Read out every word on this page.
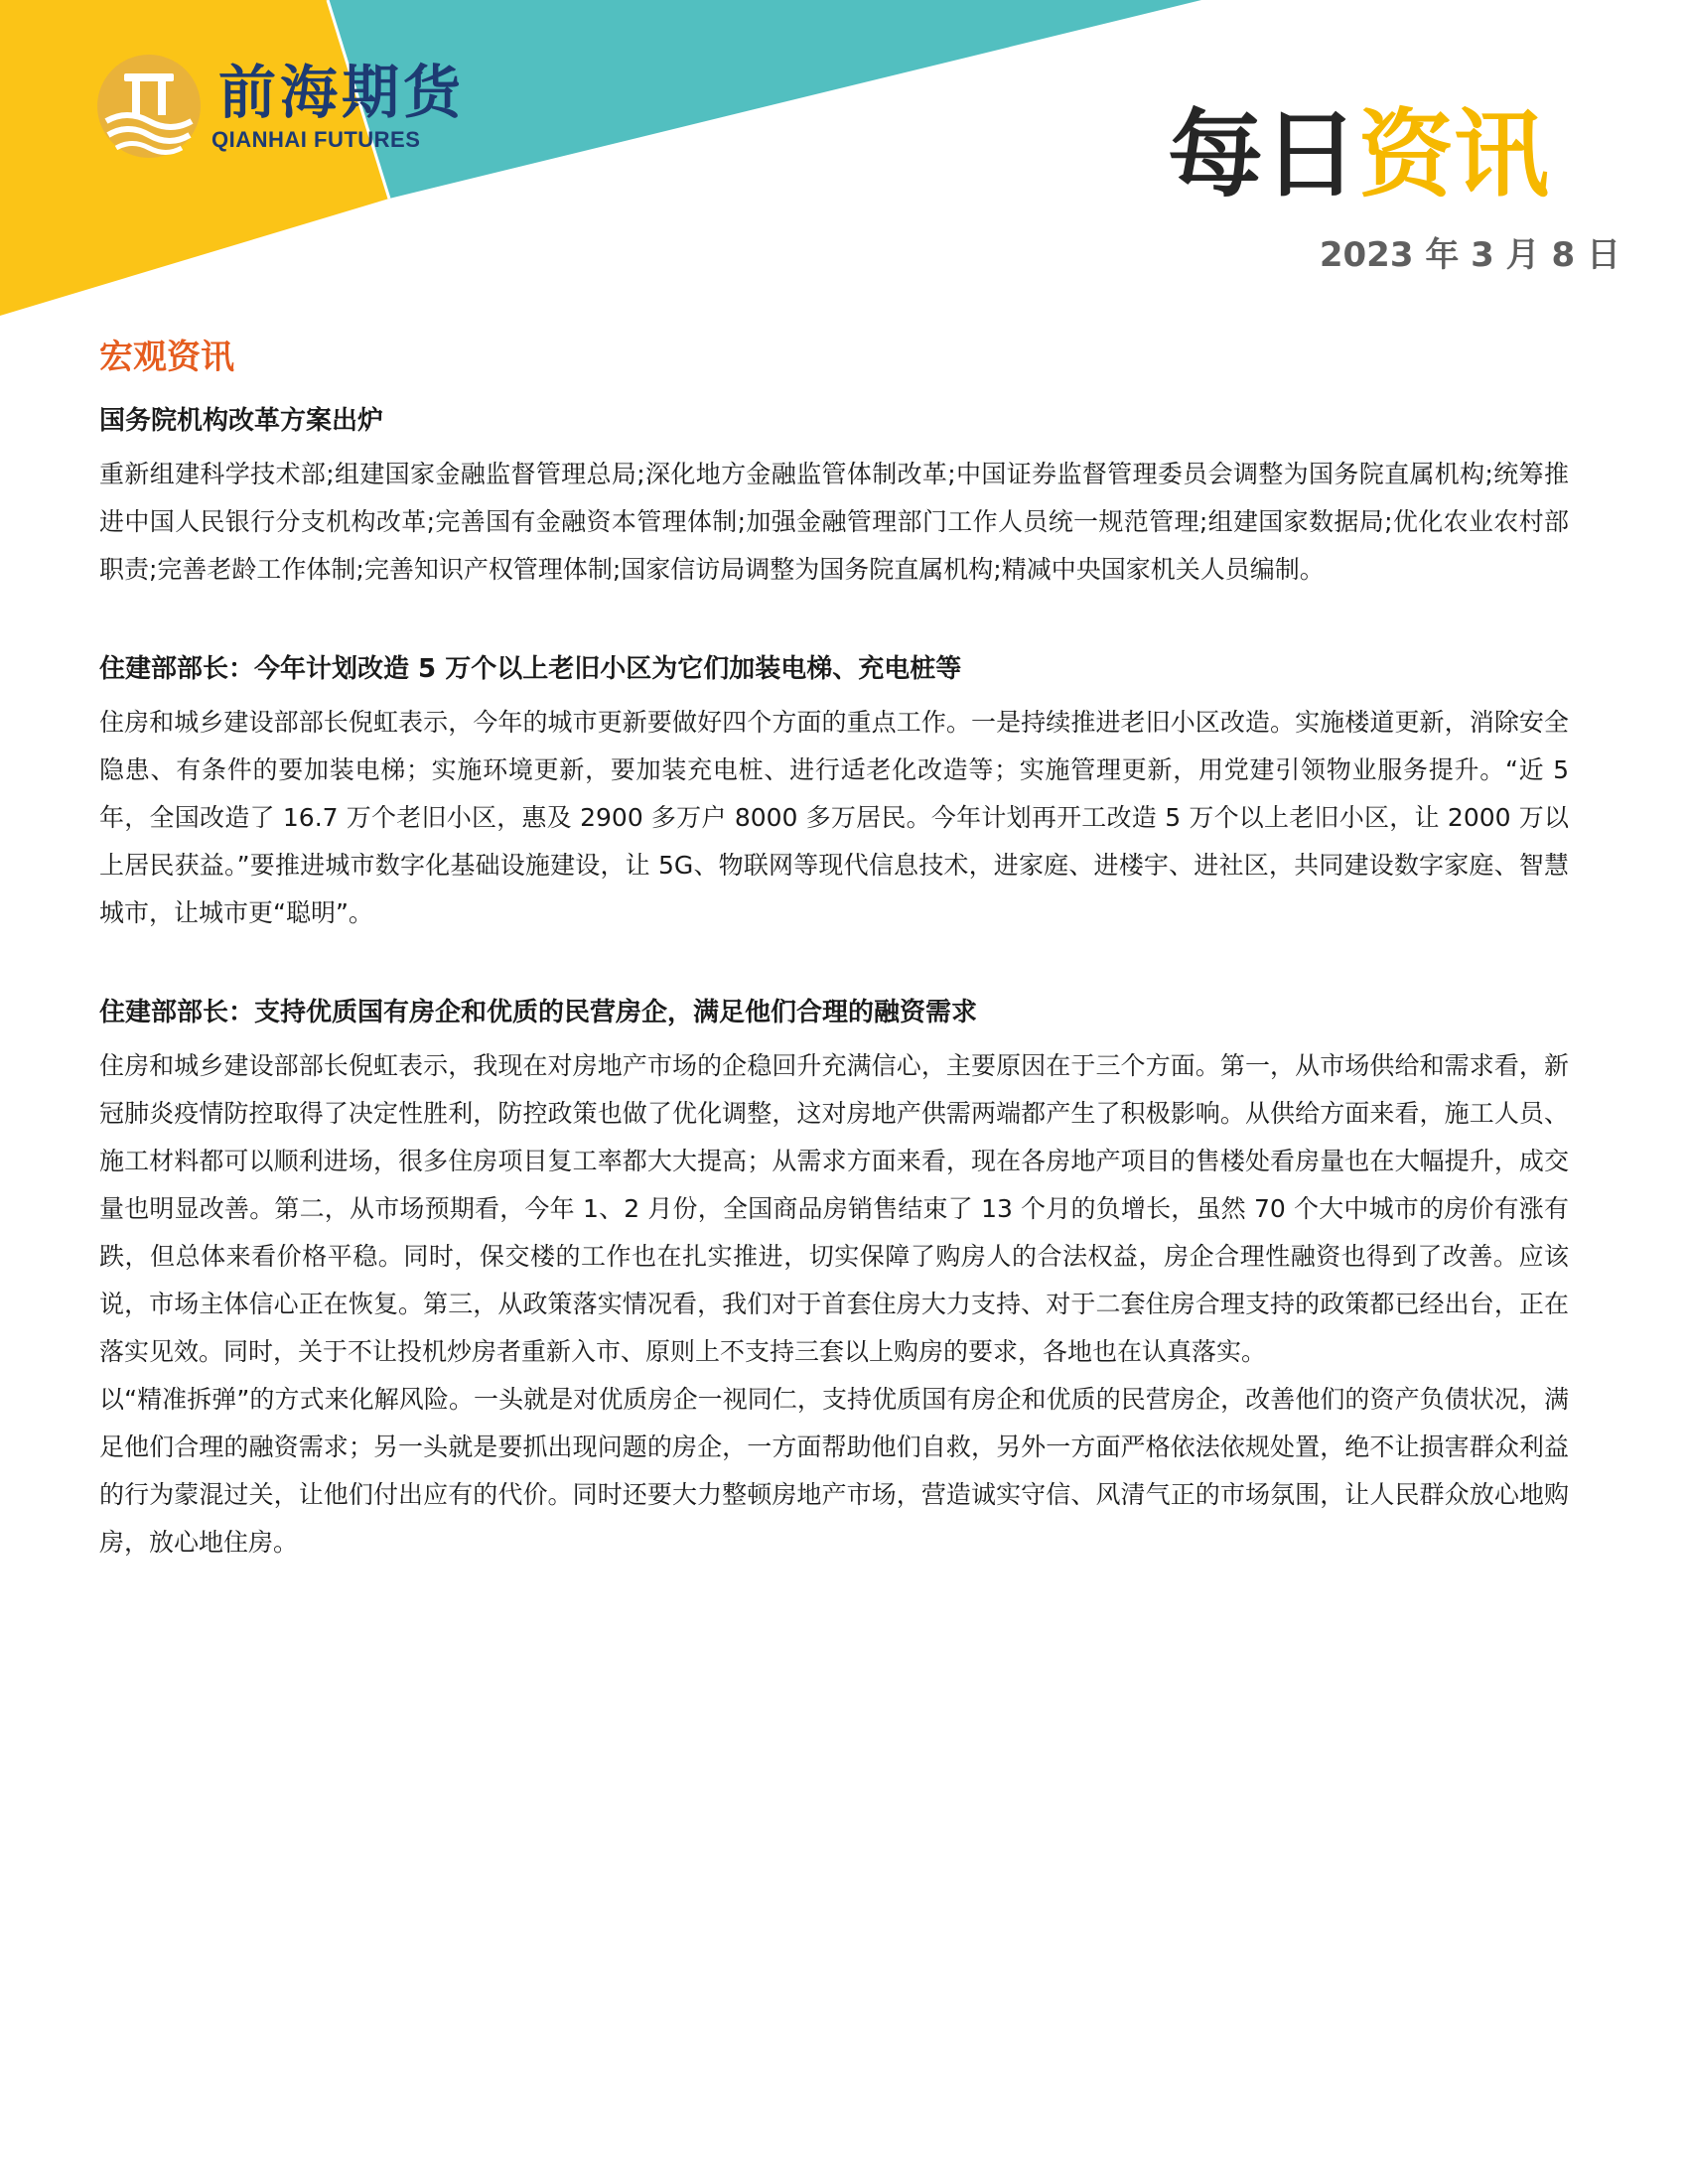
前海期货
QIANHAI FUTURES	每日资讯
2023 年 3 月 8 日
宏观资讯
国务院机构改革方案出炉

重新组建科学技术部;组建国家金融监督管理总局;深化地方金融监管体制改革;中国证券监督管理委员会调整为国务院直属机构;统筹推进中国人民银行分支机构改革;完善国有金融资本管理体制;加强金融管理部门工作人员统一规范管理;组建国家数据局;优化农业农村部职责;完善老龄工作体制;完善知识产权管理体制;国家信访局调整为国务院直属机构;精减中央国家机关人员编制。

住建部部长：今年计划改造 5 万个以上老旧小区为它们加装电梯、充电桩等

住房和城乡建设部部长倪虹表示，今年的城市更新要做好四个方面的重点工作。一是持续推进老旧小区改造。实施楼道更新，消除安全隐患、有条件的要加装电梯；实施环境更新，要加装充电桩、进行适老化改造等；实施管理更新，用党建引领物业服务提升。“近 5 年，全国改造了 16.7 万个老旧小区，惠及 2900 多万户 8000 多万居民。今年计划再开工改造 5 万个以上老旧小区，让 2000 万以上居民获益。”要推进城市数字化基础设施建设，让 5G、物联网等现代信息技术，进家庭、进楼宇、进社区，共同建设数字家庭、智慧城市，让城市更“聪明”。

住建部部长：支持优质国有房企和优质的民营房企，满足他们合理的融资需求

住房和城乡建设部部长倪虹表示，我现在对房地产市场的企稳回升充满信心，主要原因在于三个方面。第一，从市场供给和需求看，新冠肺炎疫情防控取得了决定性胜利，防控政策也做了优化调整，这对房地产供需两端都产生了积极影响。从供给方面来看，施工人员、施工材料都可以顺利进场，很多住房项目复工率都大大提高；从需求方面来看，现在各房地产项目的售楼处看房量也在大幅提升，成交量也明显改善。第二，从市场预期看，今年 1、2 月份，全国商品房销售结束了 13 个月的负增长，虽然 70 个大中城市的房价有涨有跌，但总体来看价格平稳。同时，保交楼的工作也在扎实推进，切实保障了购房人的合法权益，房企合理性融资也得到了改善。应该说，市场主体信心正在恢复。第三，从政策落实情况看，我们对于首套住房大力支持、对于二套住房合理支持的政策都已经出台，正在落实见效。同时，关于不让投机炒房者重新入市、原则上不支持三套以上购房的要求，各地也在认真落实。

以“精准拆弹”的方式来化解风险。一头就是对优质房企一视同仁，支持优质国有房企和优质的民营房企，改善他们的资产负债状况，满足他们合理的融资需求；另一头就是要抓出现问题的房企，一方面帮助他们自救，另外一方面严格依法依规处置，绝不让损害群众利益的行为蒙混过关，让他们付出应有的代价。同时还要大力整顿房地产市场，营造诚实守信、风清气正的市场氛围，让人民群众放心地购房，放心地住房。
